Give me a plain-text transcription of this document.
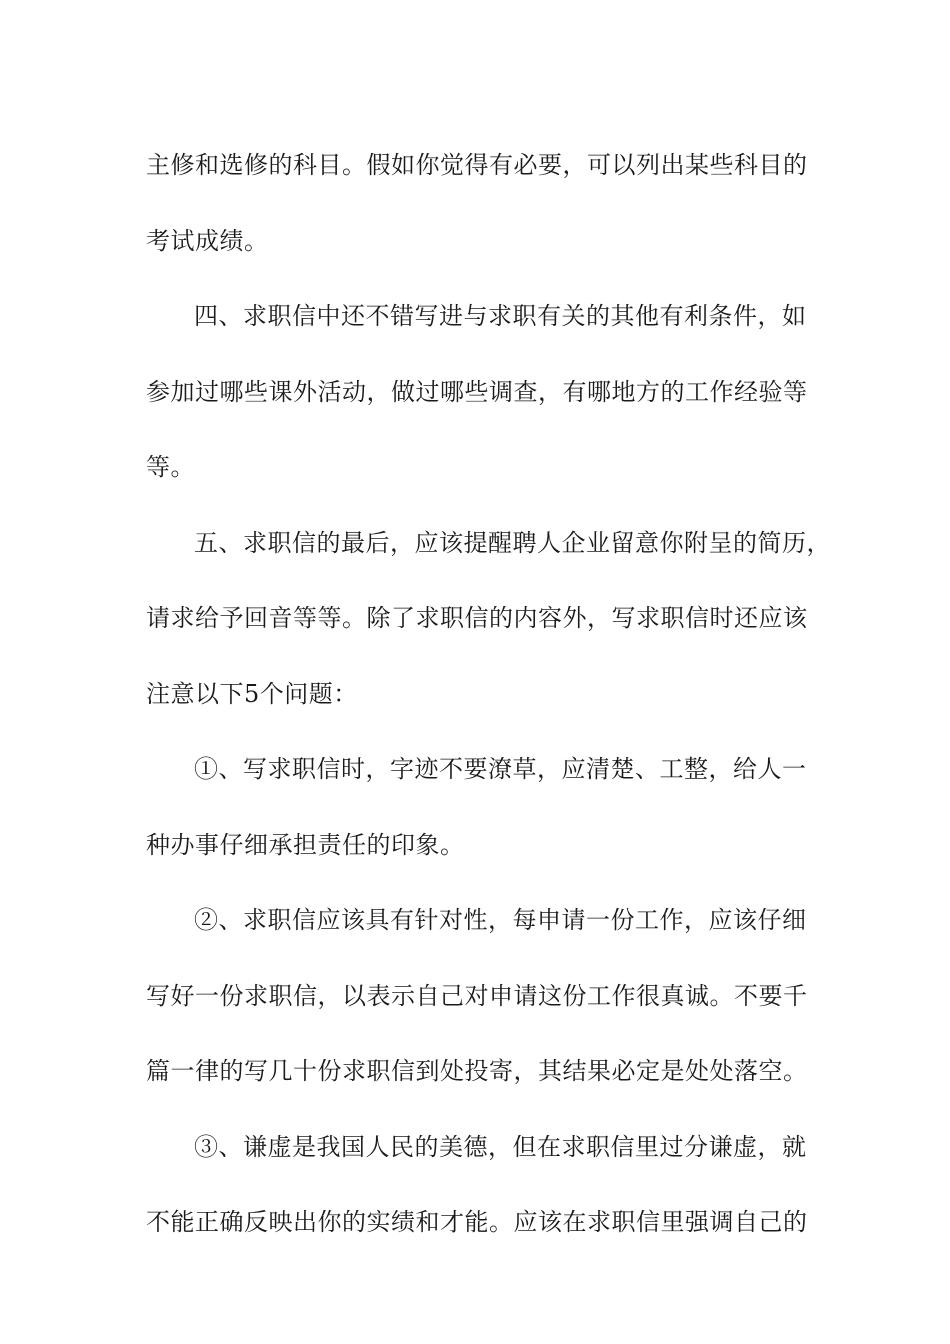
主修和选修的科目。假如你觉得有必要，可以列出某些科目的
考试成绩。
四、求职信中还不错写进与求职有关的其他有利条件，如
参加过哪些课外活动，做过哪些调查，有哪地方的工作经验等
等。
五、求职信的最后，应该提醒聘人企业留意你附呈的简历，
请求给予回音等等。除了求职信的内容外，写求职信时还应该
注意以下5个问题：
①、写求职信时，字迹不要潦草，应清楚、工整，给人一
种办事仔细承担责任的印象。
②、求职信应该具有针对性，每申请一份工作，应该仔细
写好一份求职信，以表示自己对申请这份工作很真诚。不要千
篇一律的写几十份求职信到处投寄，其结果必定是处处落空。
③、谦虚是我国人民的美德，但在求职信里过分谦虚，就
不能正确反映出你的实绩和才能。应该在求职信里强调自己的
